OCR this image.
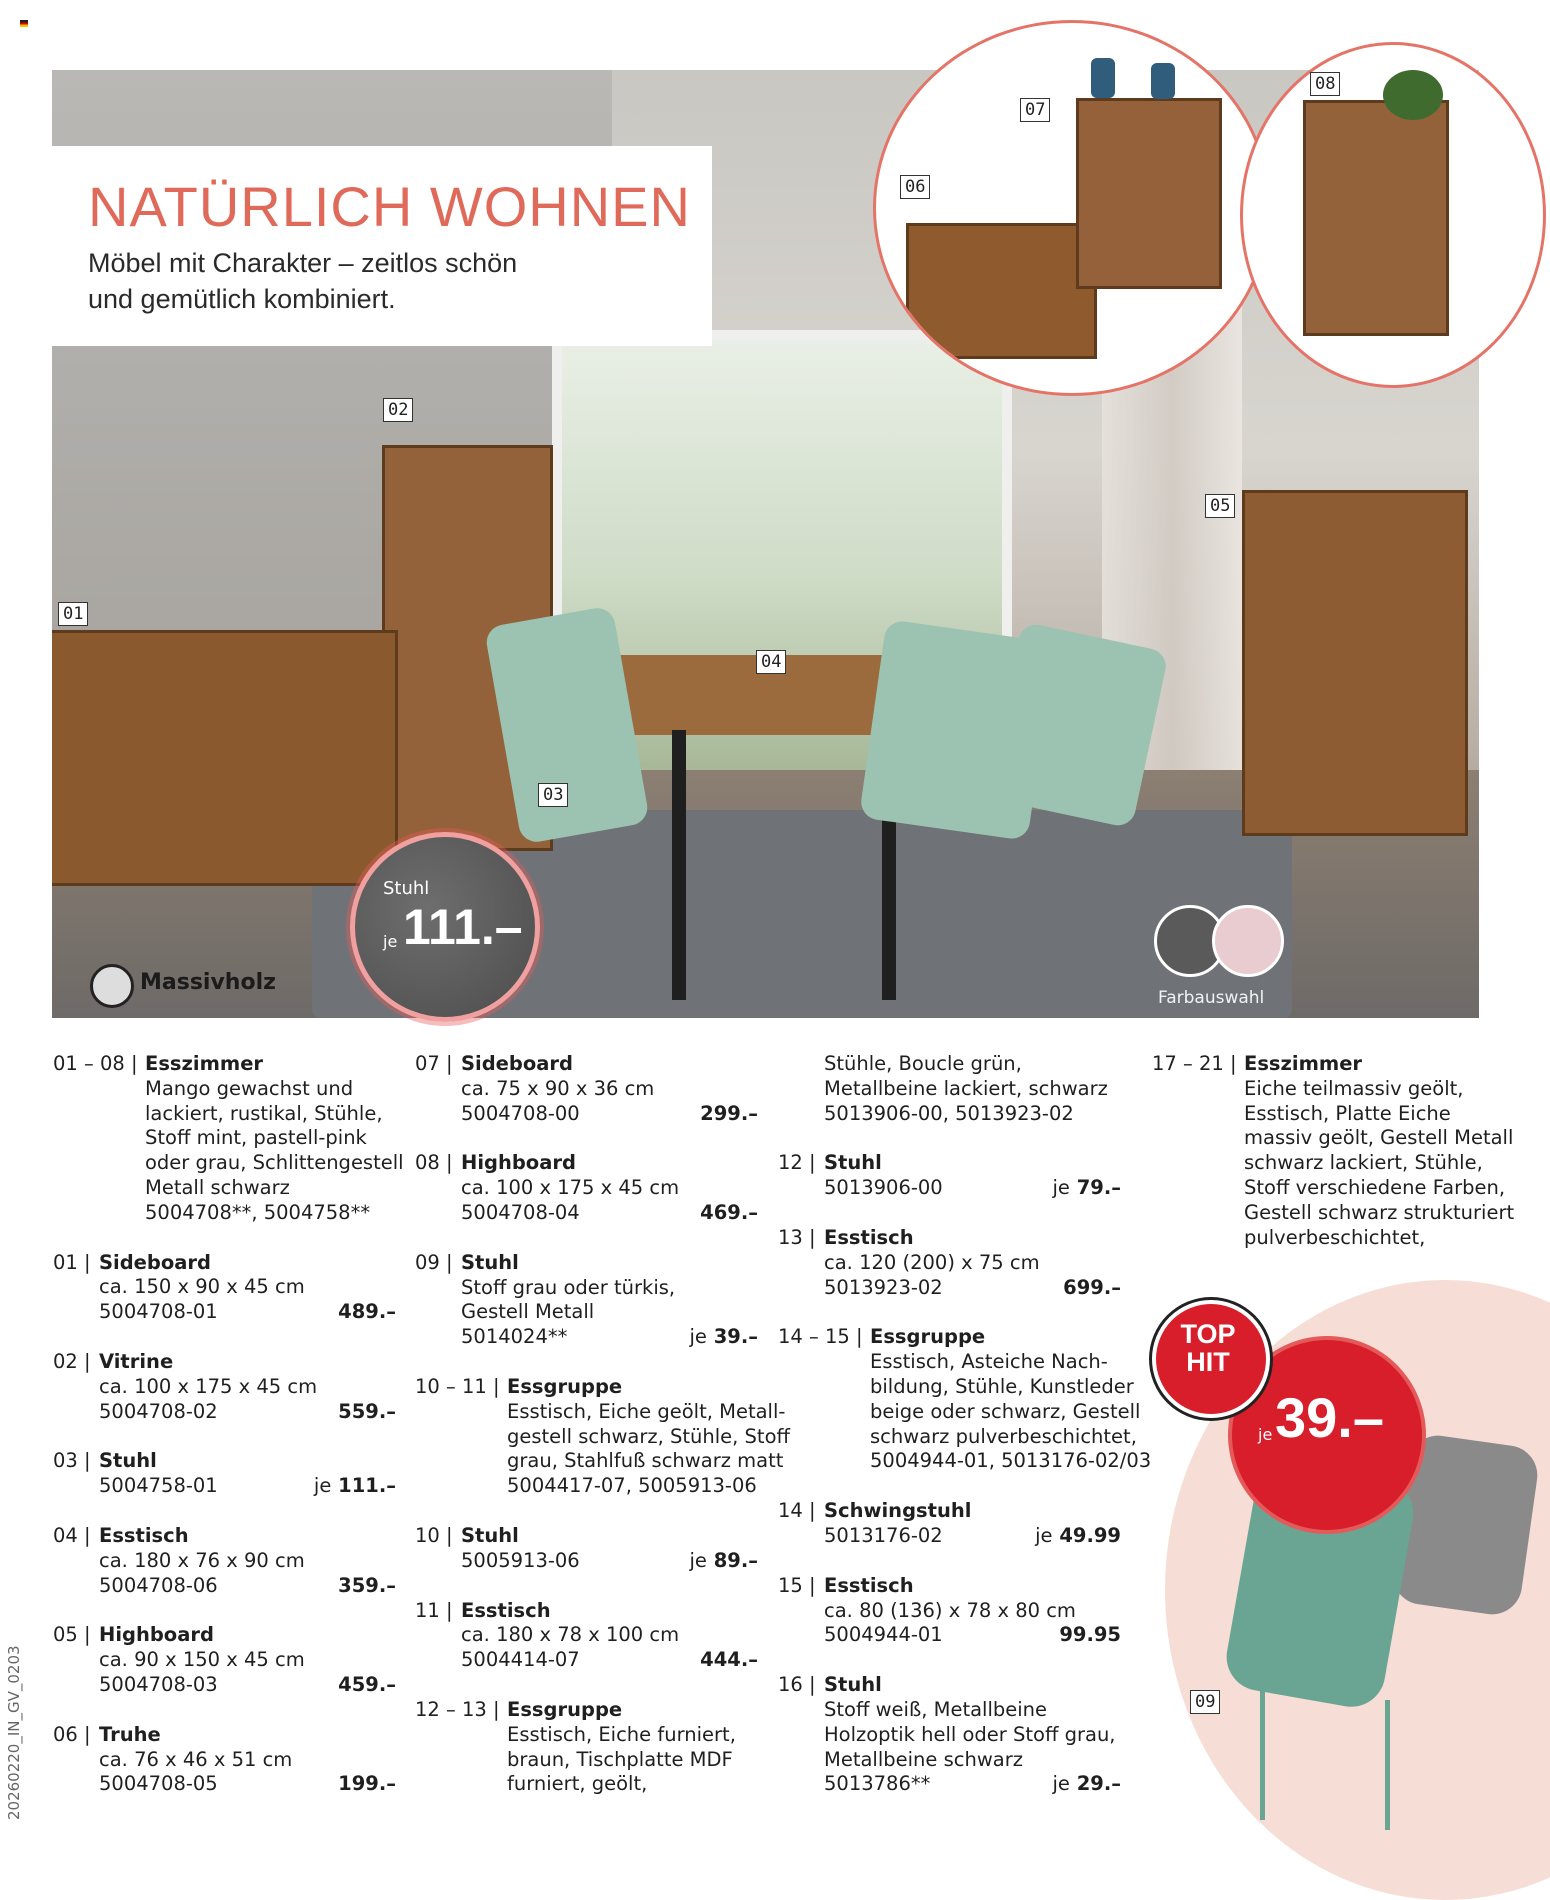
NATÜRLICH WOHNEN
Möbel mit Charakter – zeitlos schön
und gemütlich kombiniert.
01
02
03
04
05
06
07
08
Stuhl
je 111.–
Massivholz
Farbauswahl
01 – 08 | Esszimmer
Mango gewachst und
lackiert, rustikal, Stühle,
Stoff mint, pastell-pink
oder grau, Schlittengestell
Metall schwarz
5004708**, 5004758**
01 | Sideboard
ca. 150 x 90 x 45 cm
5004708-01	489.–
02 | Vitrine
ca. 100 x 175 x 45 cm
5004708-02	559.–
03 | Stuhl
5004758-01	je 111.–
04 | Esstisch
ca. 180 x 76 x 90 cm
5004708-06	359.–
05 | Highboard
ca. 90 x 150 x 45 cm
5004708-03	459.–
06 | Truhe
ca. 76 x 46 x 51 cm
5004708-05	199.–
07 | Sideboard
ca. 75 x 90 x 36 cm
5004708-00	299.–
08 | Highboard
ca. 100 x 175 x 45 cm
5004708-04	469.–
09 | Stuhl
Stoff grau oder türkis,
Gestell Metall
5014024**	je 39.–
10 – 11 | Essgruppe
Esstisch, Eiche geölt, Metall-
gestell schwarz, Stühle, Stoff
grau, Stahlfuß schwarz matt
5004417-07, 5005913-06
10 | Stuhl
5005913-06	je 89.–
11 | Esstisch
ca. 180 x 78 x 100 cm
5004414-07	444.–
12 – 13 | Essgruppe
Esstisch, Eiche furniert,
braun, Tischplatte MDF
furniert, geölt,
Stühle, Boucle grün,
Metallbeine lackiert, schwarz
5013906-00, 5013923-02
12 | Stuhl
5013906-00	je 79.–
13 | Esstisch
ca. 120 (200) x 75 cm
5013923-02	699.–
14 – 15 | Essgruppe
Esstisch, Asteiche Nach-
bildung, Stühle, Kunstleder
beige oder schwarz, Gestell
schwarz pulverbeschichtet,
5004944-01, 5013176-02/03
14 | Schwingstuhl
5013176-02	je 49.99
15 | Esstisch
ca. 80 (136) x 78 x 80 cm
5004944-01	99.95
16 | Stuhl
Stoff weiß, Metallbeine
Holzoptik hell oder Stoff grau,
Metallbeine schwarz
5013786**	je 29.–
17 – 21 | Esszimmer
Eiche teilmassiv geölt,
Esstisch, Platte Eiche
massiv geölt, Gestell Metall
schwarz lackiert, Stühle,
Stoff verschiedene Farben,
Gestell schwarz strukturiert
pulverbeschichtet,
20260220_IN_GV_0203
TOP
HIT
je 39.–
09
